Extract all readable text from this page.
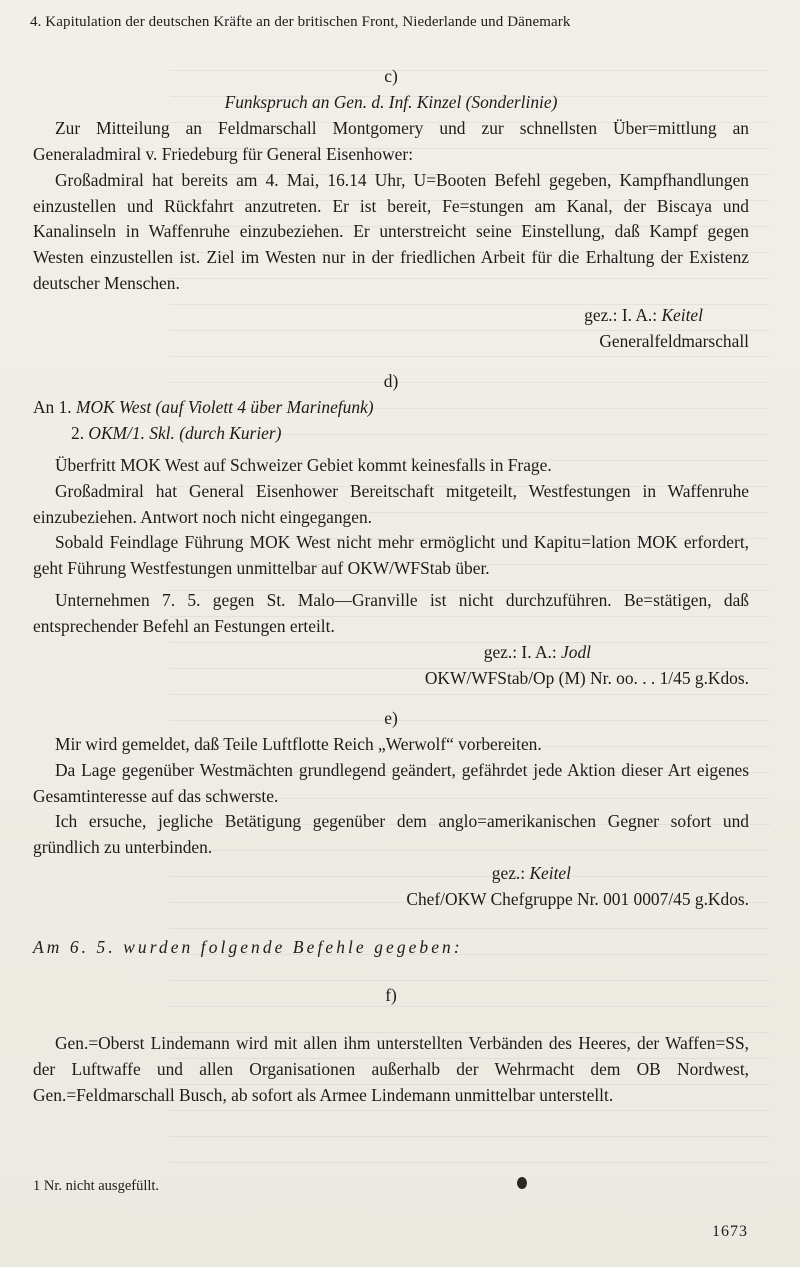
4. Kapitulation der deutschen Kräfte an der britischen Front, Niederlande und Dänemark

c)

Funkspruch an Gen. d. Inf. Kinzel (Sonderlinie)

Zur Mitteilung an Feldmarschall Montgomery und zur schnellsten Über=mittlung an Generaladmiral v. Friedeburg für General Eisenhower:

Großadmiral hat bereits am 4. Mai, 16.14 Uhr, U=Booten Befehl gegeben, Kampfhandlungen einzustellen und Rückfahrt anzutreten. Er ist bereit, Fe=stungen am Kanal, der Biscaya und Kanalinseln in Waffenruhe einzubeziehen. Er unterstreicht seine Einstellung, daß Kampf gegen Westen einzustellen ist. Ziel im Westen nur in der friedlichen Arbeit für die Erhaltung der Existenz deutscher Menschen.

gez.: I. A.: Keitel

Generalfeldmarschall

d)

An 1. MOK West (auf Violett 4 über Marinefunk)

2. OKM/1. Skl. (durch Kurier)

Überfritt MOK West auf Schweizer Gebiet kommt keinesfalls in Frage.

Großadmiral hat General Eisenhower Bereitschaft mitgeteilt, Westfestungen in Waffenruhe einzubeziehen. Antwort noch nicht eingegangen.

Sobald Feindlage Führung MOK West nicht mehr ermöglicht und Kapitu=lation MOK erfordert, geht Führung Westfestungen unmittelbar auf OKW/WFStab über.

Unternehmen 7. 5. gegen St. Malo—Granville ist nicht durchzuführen. Be=stätigen, daß entsprechender Befehl an Festungen erteilt.

gez.: I. A.: Jodl

OKW/WFStab/Op (M) Nr. oo. . . 1/45 g.Kdos.

e)

Mir wird gemeldet, daß Teile Luftflotte Reich „Werwolf“ vorbereiten.

Da Lage gegenüber Westmächten grundlegend geändert, gefährdet jede Aktion dieser Art eigenes Gesamtinteresse auf das schwerste.

Ich ersuche, jegliche Betätigung gegenüber dem anglo=amerikanischen Gegner sofort und gründlich zu unterbinden.

gez.: Keitel

Chef/OKW Chefgruppe Nr. 001 0007/45 g.Kdos.

Am 6. 5. wurden folgende Befehle gegeben:

f)

Gen.=Oberst Lindemann wird mit allen ihm unterstellten Verbänden des Heeres, der Waffen=SS, der Luftwaffe und allen Organisationen außerhalb der Wehrmacht dem OB Nordwest, Gen.=Feldmarschall Busch, ab sofort als Armee Lindemann unmittelbar unterstellt.

1 Nr. nicht ausgefüllt.
1673
